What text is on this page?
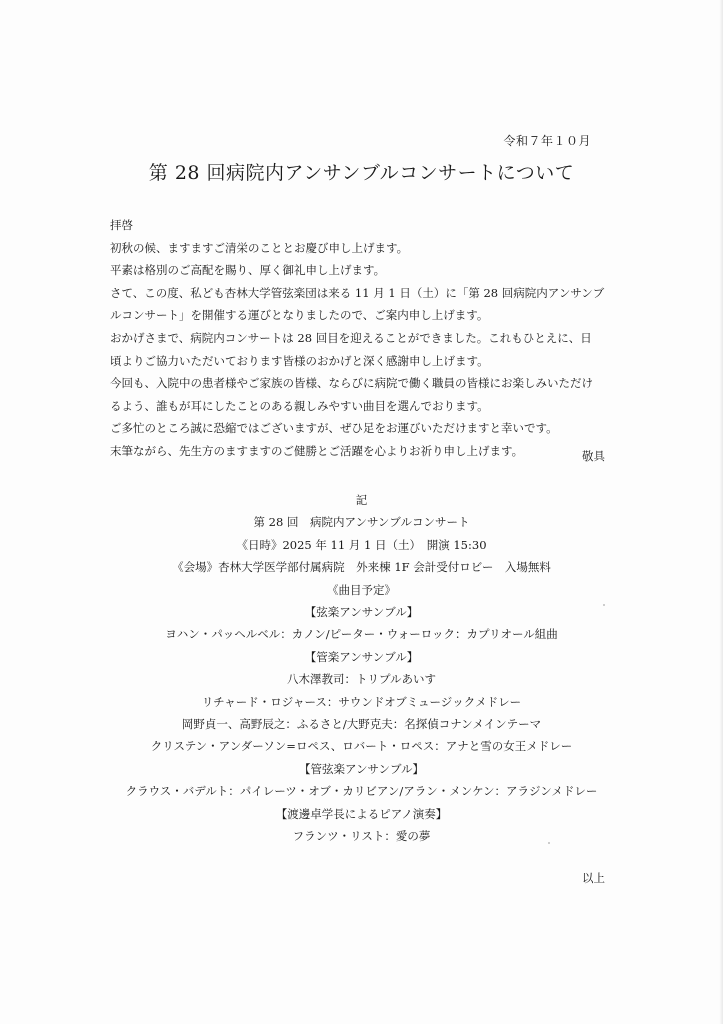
令和７年１０月
第 28 回病院内アンサンブルコンサートについて
拝啓
初秋の候、ますますご清栄のこととお慶び申し上げます。
平素は格別のご高配を賜り、厚く御礼申し上げます。
さて、この度、私ども杏林大学管弦楽団は来る 11 月 1 日（土）に「第 28 回病院内アンサンブ
ルコンサート」を開催する運びとなりましたので、ご案内申し上げます。
おかげさまで、病院内コンサートは 28 回目を迎えることができました。これもひとえに、日
頃よりご協力いただいております皆様のおかげと深く感謝申し上げます。
今回も、入院中の患者様やご家族の皆様、ならびに病院で働く職員の皆様にお楽しみいただけ
るよう、誰もが耳にしたことのある親しみやすい曲目を選んでおります。
ご多忙のところ誠に恐縮ではございますが、ぜひ足をお運びいただけますと幸いです。
末筆ながら、先生方のますますのご健勝とご活躍を心よりお祈り申し上げます。	敬具
記
第 28 回　病院内アンサンブルコンサート
《日時》2025 年 11 月 1 日（土）　開演 15:30
《会場》杏林大学医学部付属病院　外来棟 1F 会計受付ロビー　入場無料
《曲目予定》
【弦楽アンサンブル】
ヨハン・パッヘルベル：カノン/ピーター・ウォーロック：カプリオール組曲
【管楽アンサンブル】
八木澤教司：トリプルあいす
リチャード・ロジャース：サウンドオブミュージックメドレー
岡野貞一、高野辰之：ふるさと/大野克夫：名探偵コナンメインテーマ
クリステン・アンダーソン=ロペス、ロバート・ロペス：アナと雪の女王メドレー
【管弦楽アンサンブル】
クラウス・バデルト：パイレーツ・オブ・カリビアン/アラン・メンケン：アラジンメドレー
【渡邊卓学長によるピアノ演奏】
フランツ・リスト：愛の夢
以上
